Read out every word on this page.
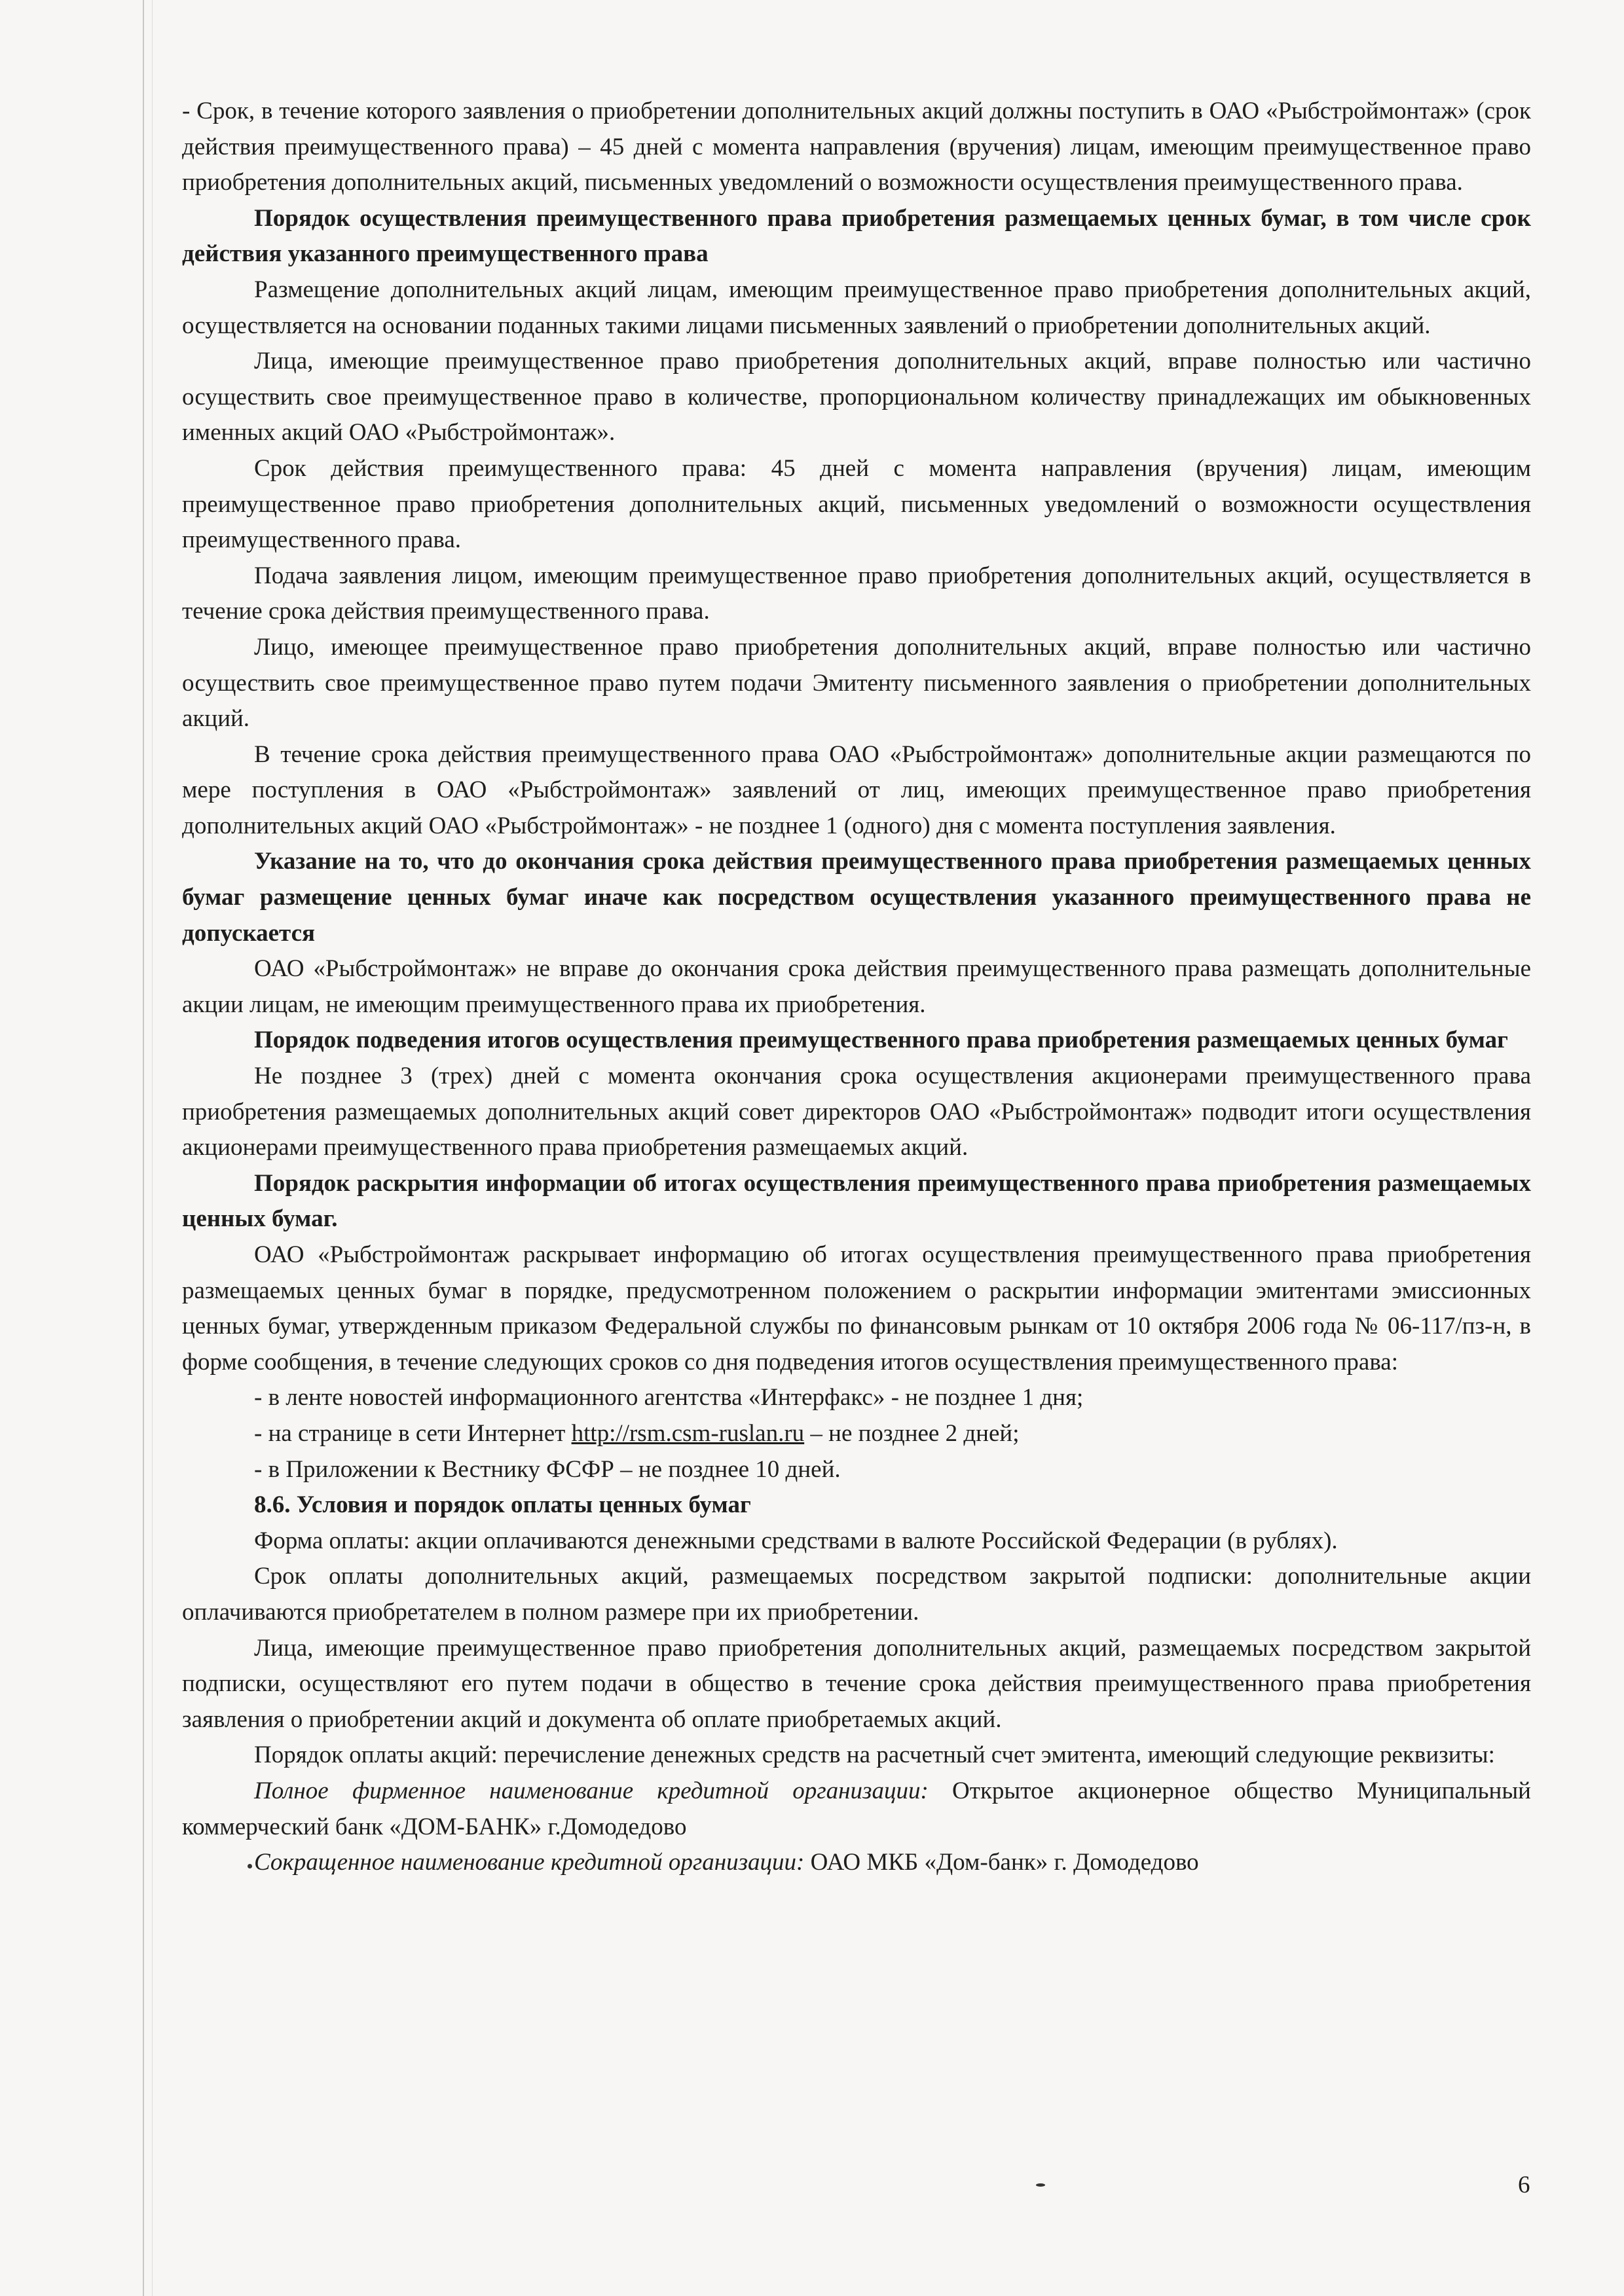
- Срок, в течение которого заявления о приобретении дополнительных акций должны поступить в ОАО «Рыбстроймонтаж» (срок действия преимущественного права) – 45 дней с момента направления (вручения) лицам, имеющим преимущественное право приобретения дополнительных акций, письменных уведомлений о возможности осуществления преимущественного права.

Порядок осуществления преимущественного права приобретения размещаемых ценных бумаг, в том числе срок действия указанного преимущественного права

Размещение дополнительных акций лицам, имеющим преимущественное право приобретения дополнительных акций, осуществляется на основании поданных такими лицами письменных заявлений о приобретении дополнительных акций.

Лица, имеющие преимущественное право приобретения дополнительных акций, вправе полностью или частично осуществить свое преимущественное право в количестве, пропорциональном количеству принадлежащих им обыкновенных именных акций ОАО «Рыбстроймонтаж».

Срок действия преимущественного права: 45 дней с момента направления (вручения) лицам, имеющим преимущественное право приобретения дополнительных акций, письменных уведомлений о возможности осуществления преимущественного права.

Подача заявления лицом, имеющим преимущественное право приобретения дополнительных акций, осуществляется в течение срока действия преимущественного права.

Лицо, имеющее преимущественное право приобретения дополнительных акций, вправе полностью или частично осуществить свое преимущественное право путем подачи Эмитенту письменного заявления о приобретении дополнительных акций.

В течение срока действия преимущественного права ОАО «Рыбстроймонтаж» дополнительные акции размещаются по мере поступления в ОАО «Рыбстроймонтаж» заявлений от лиц, имеющих преимущественное право приобретения дополнительных акций ОАО «Рыбстроймонтаж» - не позднее 1 (одного) дня с момента поступления заявления.

Указание на то, что до окончания срока действия преимущественного права приобретения размещаемых ценных бумаг размещение ценных бумаг иначе как посредством осуществления указанного преимущественного права не допускается

ОАО «Рыбстроймонтаж» не вправе до окончания срока действия преимущественного права размещать дополнительные акции лицам, не имеющим преимущественного права их приобретения.

Порядок подведения итогов осуществления преимущественного права приобретения размещаемых ценных бумаг

Не позднее 3 (трех) дней с момента окончания срока осуществления акционерами преимущественного права приобретения размещаемых дополнительных акций совет директоров ОАО «Рыбстроймонтаж» подводит итоги осуществления акционерами преимущественного права приобретения размещаемых акций.

Порядок раскрытия информации об итогах осуществления преимущественного права приобретения размещаемых ценных бумаг.

ОАО «Рыбстроймонтаж раскрывает информацию об итогах осуществления преимущественного права приобретения размещаемых ценных бумаг в порядке, предусмотренном положением о раскрытии информации эмитентами эмиссионных ценных бумаг, утвержденным приказом Федеральной службы по финансовым рынкам от 10 октября 2006 года № 06-117/пз-н, в форме сообщения, в течение следующих сроков со дня подведения итогов осуществления преимущественного права:

- в ленте новостей информационного агентства «Интерфакс» - не позднее 1 дня;

- на странице в сети Интернет http://rsm.csm-ruslan.ru – не позднее 2 дней;

- в Приложении к Вестнику ФСФР – не позднее 10 дней.

8.6. Условия и порядок оплаты ценных бумаг

Форма оплаты: акции оплачиваются денежными средствами в валюте Российской Федерации (в рублях).

Срок оплаты дополнительных акций, размещаемых посредством закрытой подписки: дополнительные акции оплачиваются приобретателем в полном размере при их приобретении.

Лица, имеющие преимущественное право приобретения дополнительных акций, размещаемых посредством закрытой подписки, осуществляют его путем подачи в общество в течение срока действия преимущественного права приобретения заявления о приобретении акций и документа об оплате приобретаемых акций.

Порядок оплаты акций: перечисление денежных средств на расчетный счет эмитента, имеющий следующие реквизиты:

Полное фирменное наименование кредитной организации: Открытое акционерное общество Муниципальный коммерческий банк «ДОМ-БАНК» г.Домодедово

Сокращенное наименование кредитной организации: ОАО МКБ «Дом-банк» г. Домодедово

6
